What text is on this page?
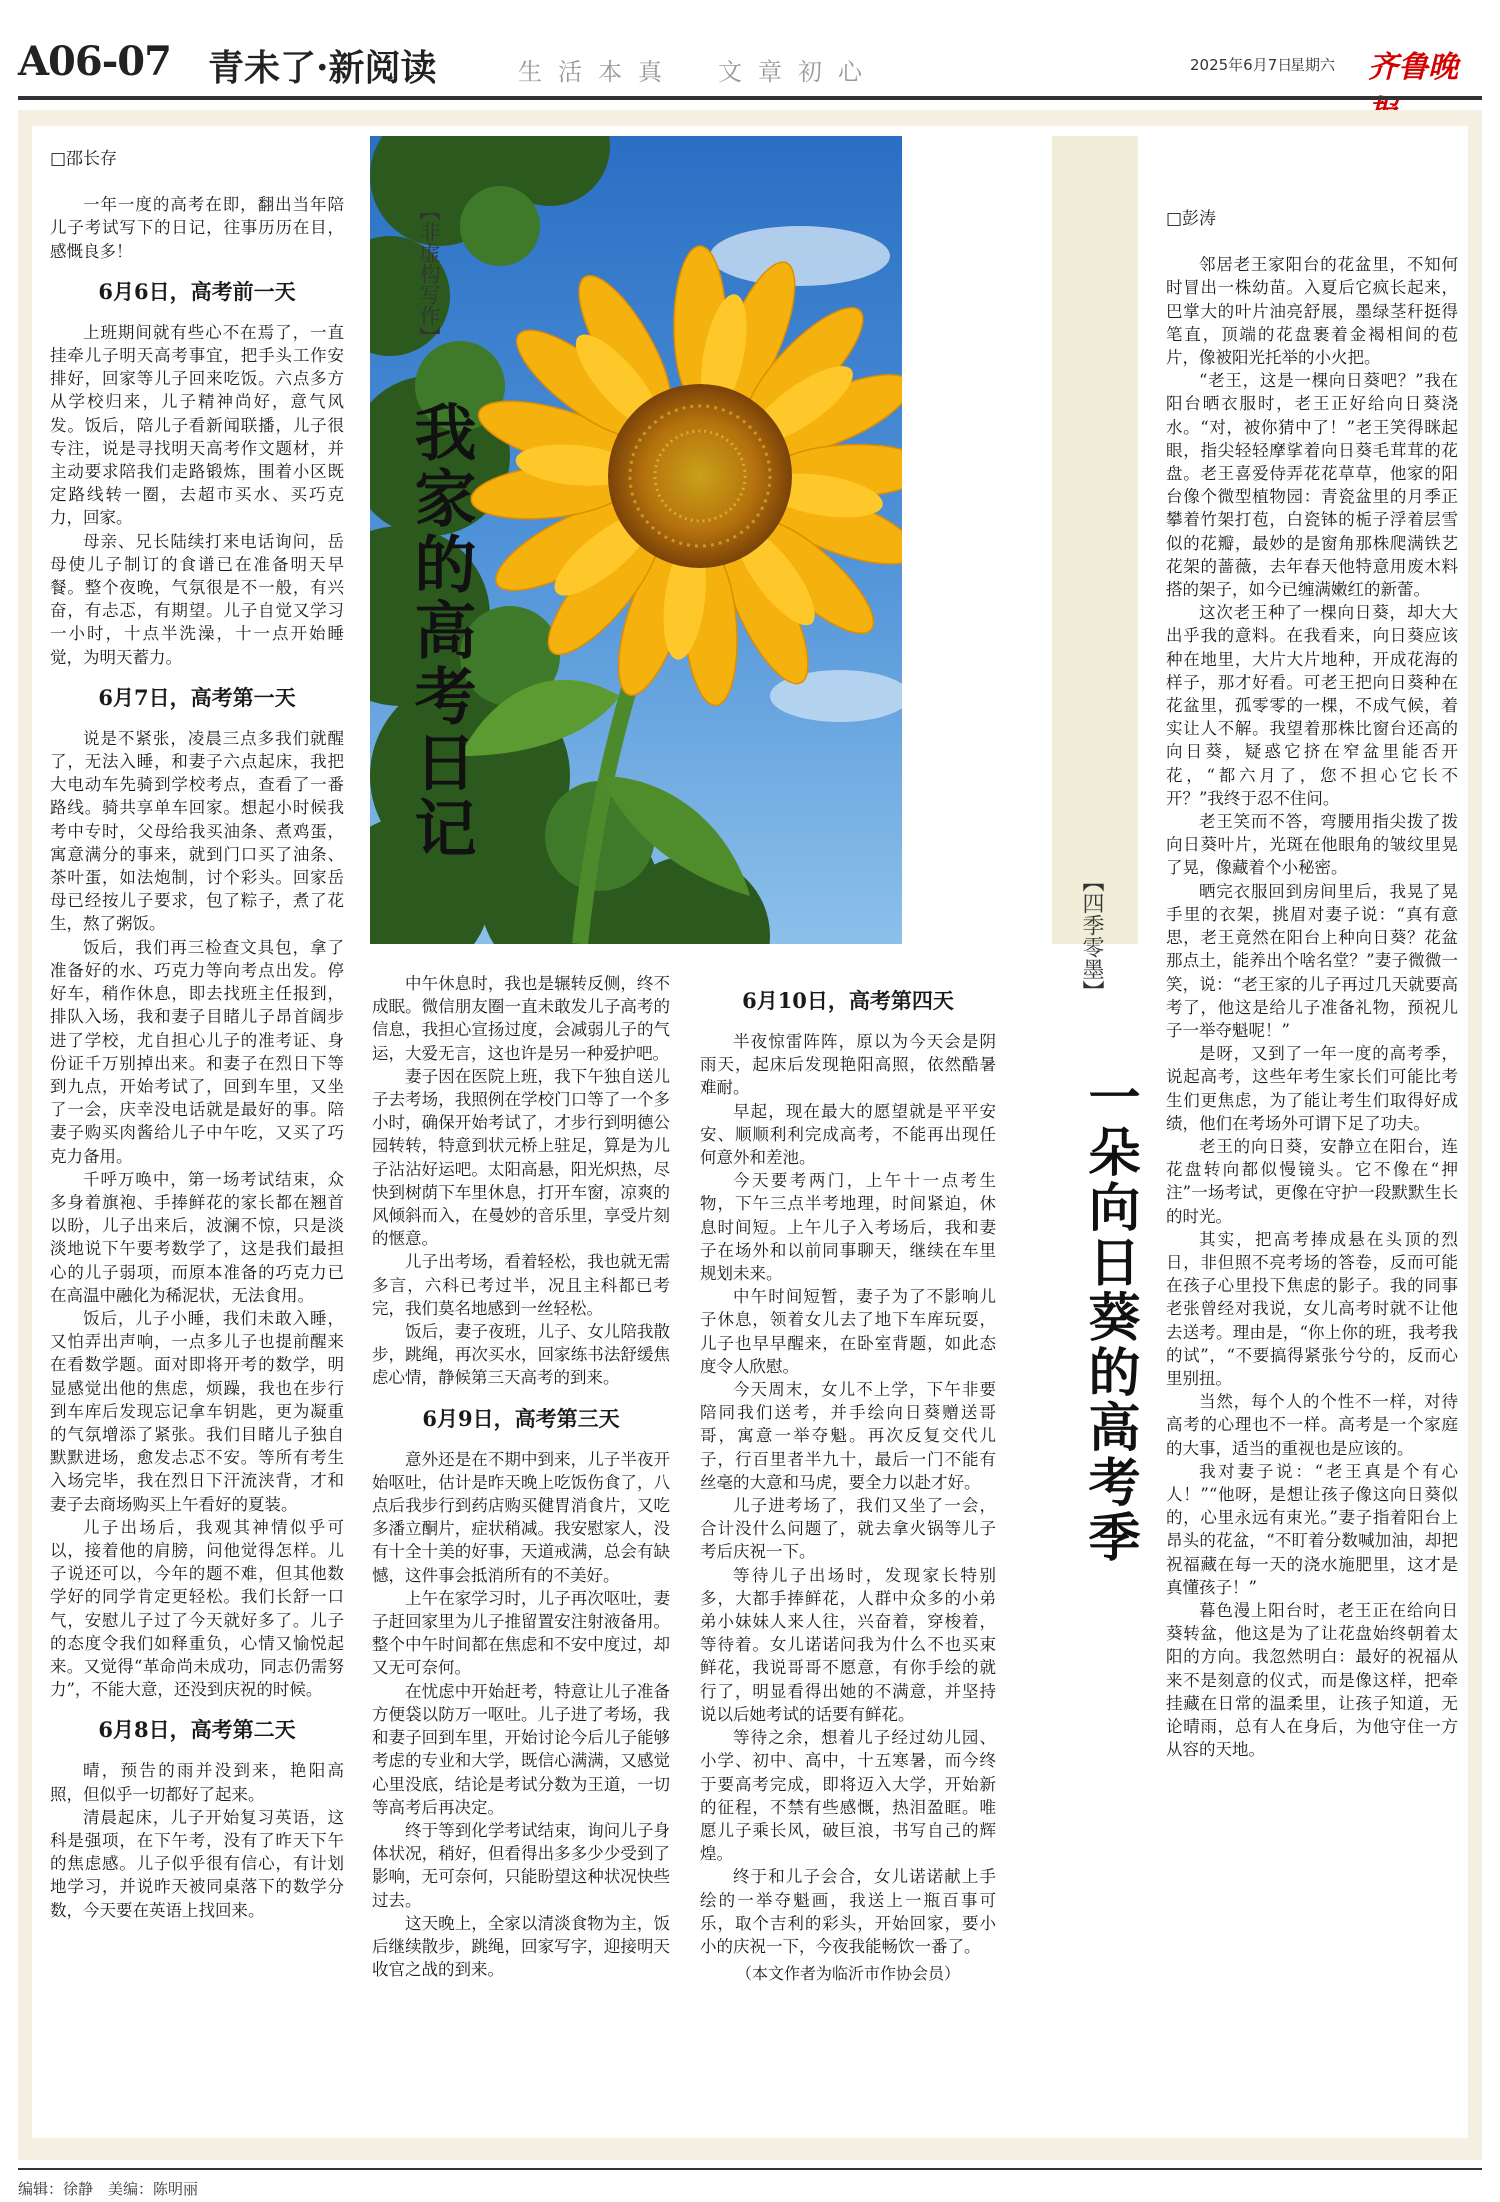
A06-07 青未了·新阅读	生活本真　文章初心	2025年6月7日
星期六 齐鲁晚
【非虚构写作】
我家的高考日记
【四季零墨】
一朵向日葵的高考季
□邵长存

一年一度的高考在即，翻出当年陪儿子考试写下的日记，往事历历在目，感慨良多！

6月6日，高考前一天

上班期间就有些心不在焉了，一直挂牵儿子明天高考事宜，把手头工作安排好，回家等儿子回来吃饭。六点多方从学校归来，儿子精神尚好，意气风发。饭后，陪儿子看新闻联播，儿子很专注，说是寻找明天高考作文题材，并主动要求陪我们走路锻炼，围着小区既定路线转一圈，去超市买水、买巧克力，回家。

母亲、兄长陆续打来电话询问，岳母使儿子制订的食谱已在准备明天早餐。整个夜晚，气氛很是不一般，有兴奋，有忐忑，有期望。儿子自觉又学习一小时，十点半洗澡，十一点开始睡觉，为明天蓄力。

6月7日，高考第一天

说是不紧张，凌晨三点多我们就醒了，无法入睡，和妻子六点起床，我把大电动车先骑到学校考点，查看了一番路线。骑共享单车回家。想起小时候我考中专时，父母给我买油条、煮鸡蛋，寓意满分的事来，就到门口买了油条、茶叶蛋，如法炮制，讨个彩头。回家岳母已经按儿子要求，包了粽子，煮了花生，熬了粥饭。

饭后，我们再三检查文具包，拿了准备好的水、巧克力等向考点出发。停好车，稍作休息，即去找班主任报到，排队入场，我和妻子目睹儿子昂首阔步进了学校，尤自担心儿子的准考证、身份证千万别掉出来。和妻子在烈日下等到九点，开始考试了，回到车里，又坐了一会，庆幸没电话就是最好的事。陪妻子购买肉酱给儿子中午吃，又买了巧克力备用。

千呼万唤中，第一场考试结束，众多身着旗袍、手捧鲜花的家长都在翘首以盼，儿子出来后，波澜不惊，只是淡淡地说下午要考数学了，这是我们最担心的儿子弱项，而原本准备的巧克力已在高温中融化为稀泥状，无法食用。

饭后，儿子小睡，我们未敢入睡，又怕弄出声响，一点多儿子也提前醒来在看数学题。面对即将开考的数学，明显感觉出他的焦虑，烦躁，我也在步行到车库后发现忘记拿车钥匙，更为凝重的气氛增添了紧张。我们目睹儿子独自默默进场，愈发忐忑不安。等所有考生入场完毕，我在烈日下汗流浃背，才和妻子去商场购买上午看好的夏装。

儿子出场后，我观其神情似乎可以，接着他的肩膀，问他觉得怎样。儿子说还可以，今年的题不难，但其他数学好的同学肯定更轻松。我们长舒一口气，安慰儿子过了今天就好多了。儿子的态度令我们如释重负，心情又愉悦起来。又觉得“革命尚未成功，同志仍需努力”，不能大意，还没到庆祝的时候。

6月8日，高考第二天

晴，预告的雨并没到来，艳阳高照，但似乎一切都好了起来。

清晨起床，儿子开始复习英语，这科是强项，在下午考，没有了昨天下午的焦虑感。儿子似乎很有信心，有计划地学习，并说昨天被同桌落下的数学分数，今天要在英语上找回来。

中午休息时，我也是辗转反侧，终不成眠。微信朋友圈一直未敢发儿子高考的信息，我担心宣扬过度，会减弱儿子的气运，大爱无言，这也许是另一种爱护吧。

妻子因在医院上班，我下午独自送儿子去考场，我照例在学校门口等了一个多小时，确保开始考试了，才步行到明德公园转转，特意到状元桥上驻足，算是为儿子沾沾好运吧。太阳高悬，阳光炽热，尽快到树荫下车里休息，打开车窗，凉爽的风倾斜而入，在曼妙的音乐里，享受片刻的惬意。

儿子出考场，看着轻松，我也就无需多言，六科已考过半，况且主科都已考完，我们莫名地感到一丝轻松。

饭后，妻子夜班，儿子、女儿陪我散步，跳绳，再次买水，回家练书法舒缓焦虑心情，静候第三天高考的到来。

6月9日，高考第三天

意外还是在不期中到来，儿子半夜开始呕吐，估计是昨天晚上吃饭伤食了，八点后我步行到药店购买健胃消食片，又吃多潘立酮片，症状稍减。我安慰家人，没有十全十美的好事，天道戒满，总会有缺憾，这件事会抵消所有的不美好。

上午在家学习时，儿子再次呕吐，妻子赶回家里为儿子推留置安注射液备用。整个中午时间都在焦虑和不安中度过，却又无可奈何。

在忧虑中开始赶考，特意让儿子准备方便袋以防万一呕吐。儿子进了考场，我和妻子回到车里，开始讨论今后儿子能够考虑的专业和大学，既信心满满，又感觉心里没底，结论是考试分数为王道，一切等高考后再决定。

终于等到化学考试结束，询问儿子身体状况，稍好，但看得出多多少少受到了影响，无可奈何，只能盼望这种状况快些过去。

这天晚上，全家以清淡食物为主，饭后继续散步，跳绳，回家写字，迎接明天收官之战的到来。

6月10日，高考第四天

半夜惊雷阵阵，原以为今天会是阴雨天，起床后发现艳阳高照，依然酷暑难耐。

早起，现在最大的愿望就是平平安安、顺顺利利完成高考，不能再出现任何意外和差池。

今天要考两门，上午十一点考生物，下午三点半考地理，时间紧迫，休息时间短。上午儿子入考场后，我和妻子在场外和以前同事聊天，继续在车里规划未来。

中午时间短暂，妻子为了不影响儿子休息，领着女儿去了地下车库玩耍，儿子也早早醒来，在卧室背题，如此态度令人欣慰。

今天周末，女儿不上学，下午非要陪同我们送考，并手绘向日葵赠送哥哥，寓意一举夺魁。再次反复交代儿子，行百里者半九十，最后一门不能有丝毫的大意和马虎，要全力以赴才好。

儿子进考场了，我们又坐了一会，合计没什么问题了，就去拿火锅等儿子考后庆祝一下。

等待儿子出场时，发现家长特别多，大都手捧鲜花，人群中众多的小弟弟小妹妹人来人往，兴奋着，穿梭着，等待着。女儿诺诺问我为什么不也买束鲜花，我说哥哥不愿意，有你手绘的就行了，明显看得出她的不满意，并坚持说以后她考试的话要有鲜花。

等待之余，想着儿子经过幼儿园、小学、初中、高中，十五寒暑，而今终于要高考完成，即将迈入大学，开始新的征程，不禁有些感慨，热泪盈眶。唯愿儿子乘长风，破巨浪，书写自己的辉煌。

终于和儿子会合，女儿诺诺献上手绘的一举夺魁画，我送上一瓶百事可乐，取个吉利的彩头，开始回家，要小小的庆祝一下，今夜我能畅饮一番了。

（本文作者为临沂市作协会员）
□彭涛

邻居老王家阳台的花盆里，不知何时冒出一株幼苗。入夏后它疯长起来，巴掌大的叶片油亮舒展，墨绿茎秆挺得笔直，顶端的花盘裹着金褐相间的苞片，像被阳光托举的小火把。

“老王，这是一棵向日葵吧？”我在阳台晒衣服时，老王正好给向日葵浇水。“对，被你猜中了！”老王笑得眯起眼，指尖轻轻摩挲着向日葵毛茸茸的花盘。老王喜爱侍弄花花草草，他家的阳台像个微型植物园：青瓷盆里的月季正攀着竹架打苞，白瓷钵的栀子浮着层雪似的花瓣，最妙的是窗角那株爬满铁艺花架的蔷薇，去年春天他特意用废木料搭的架子，如今已缠满嫩红的新蕾。

这次老王种了一棵向日葵，却大大出乎我的意料。在我看来，向日葵应该种在地里，大片大片地种，开成花海的样子，那才好看。可老王把向日葵种在花盆里，孤零零的一棵，不成气候，着实让人不解。我望着那株比窗台还高的向日葵，疑惑它挤在窄盆里能否开花，“都六月了，您不担心它长不开？”我终于忍不住问。

老王笑而不答，弯腰用指尖拨了拨向日葵叶片，光斑在他眼角的皱纹里晃了晃，像藏着个小秘密。

晒完衣服回到房间里后，我晃了晃手里的衣架，挑眉对妻子说：“真有意思，老王竟然在阳台上种向日葵？花盆那点土，能养出个啥名堂？”妻子微微一笑，说：“老王家的儿子再过几天就要高考了，他这是给儿子准备礼物，预祝儿子一举夺魁呢！”

是呀，又到了一年一度的高考季，说起高考，这些年考生家长们可能比考生们更焦虑，为了能让考生们取得好成绩，他们在考场外可谓下足了功夫。

老王的向日葵，安静立在阳台，连花盘转向都似慢镜头。它不像在“押注”一场考试，更像在守护一段默默生长的时光。

其实，把高考捧成悬在头顶的烈日，非但照不亮考场的答卷，反而可能在孩子心里投下焦虑的影子。我的同事老张曾经对我说，女儿高考时就不让他去送考。理由是，“你上你的班，我考我的试”，“不要搞得紧张兮兮的，反而心里别扭。

当然，每个人的个性不一样，对待高考的心理也不一样。高考是一个家庭的大事，适当的重视也是应该的。

我对妻子说：“老王真是个有心人！”“他呀，是想让孩子像这向日葵似的，心里永远有束光。”妻子指着阳台上昂头的花盆，“不盯着分数喊加油，却把祝福藏在每一天的浇水施肥里，这才是真懂孩子！”

暮色漫上阳台时，老王正在给向日葵转盆，他这是为了让花盘始终朝着太阳的方向。我忽然明白：最好的祝福从来不是刻意的仪式，而是像这样，把牵挂藏在日常的温柔里，让孩子知道，无论晴雨，总有人在身后，为他守住一方从容的天地。

编辑：徐静　美编：陈明丽
